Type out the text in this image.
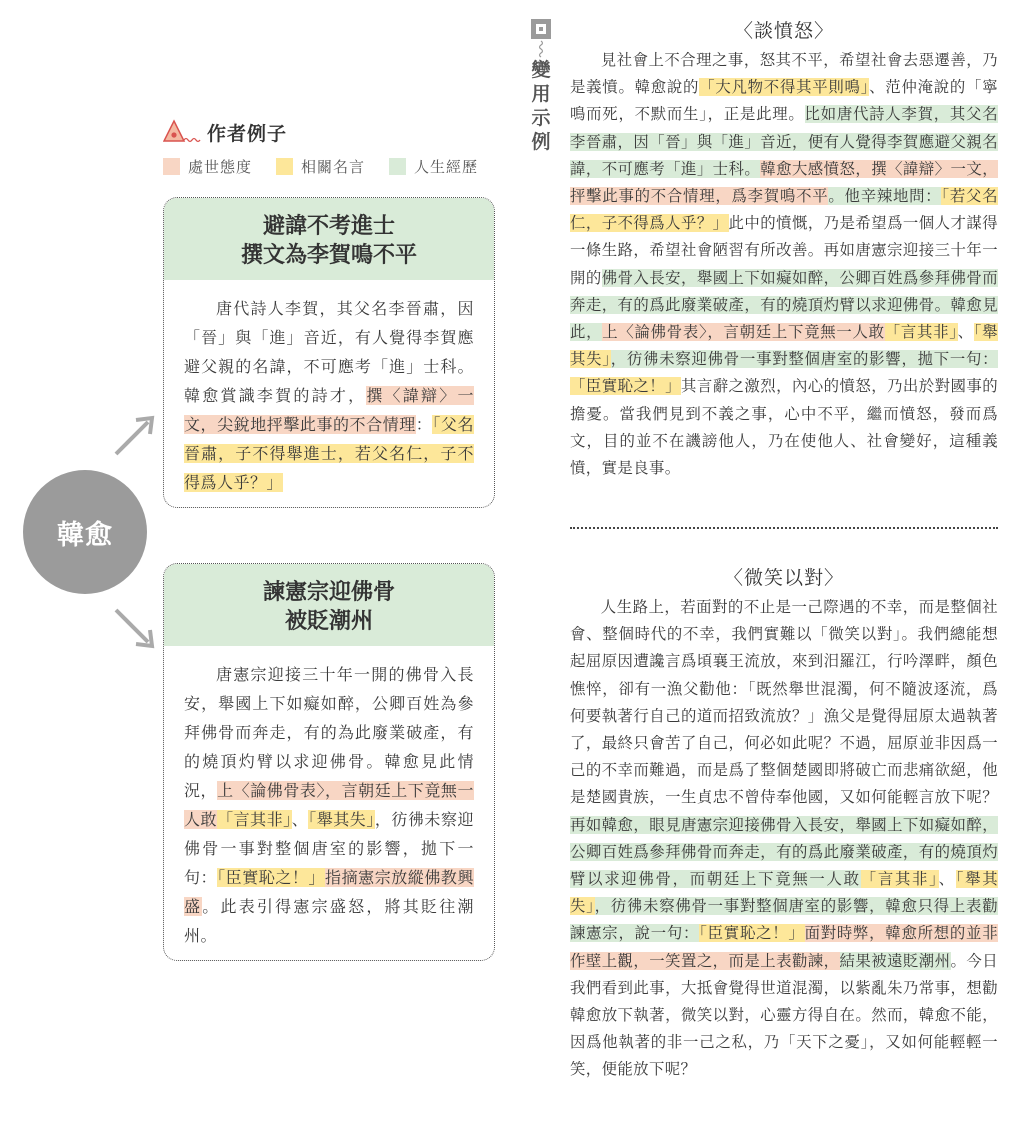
作者例子
處世態度	相關名言	人生經歷
避諱不考進士
撰文為李賀鳴不平
唐代詩人李賀，其父名李晉肅，因「晉」與「進」音近，有人覺得李賀應避父親的名諱，不可應考「進」士科。韓愈賞識李賀的詩才，撰〈諱辯〉一文，尖銳地抨擊此事的不合情理：「父名晉肅，子不得舉進士，若父名仁，子不得爲人乎？」
韓愈
諫憲宗迎佛骨
被貶潮州
唐憲宗迎接三十年一開的佛骨入長安，舉國上下如癡如醉，公卿百姓為參拜佛骨而奔走，有的為此廢業破產，有的燒頂灼臂以求迎佛骨。韓愈見此情況，上〈論佛骨表〉，言朝廷上下竟無一人敢「言其非」、「舉其失」，彷彿未察迎佛骨一事對整個唐室的影響，拋下一句：「臣實恥之！」指摘憲宗放縱佛教興盛。此表引得憲宗盛怒，將其貶往潮州。
變
用
示
例
〈談憤怒〉
見社會上不合理之事，怒其不平，希望社會去惡遷善，乃是義憤。韓愈說的「大凡物不得其平則鳴」、范仲淹說的「寧鳴而死，不默而生」，正是此理。比如唐代詩人李賀，其父名李晉肅，因「晉」與「進」音近，便有人覺得李賀應避父親名諱，不可應考「進」士科。韓愈大感憤怒，撰〈諱辯〉一文，抨擊此事的不合情理，爲李賀鳴不平。他辛辣地問：「若父名仁，子不得爲人乎？」此中的憤慨，乃是希望爲一個人才謀得一條生路，希望社會陋習有所改善。再如唐憲宗迎接三十年一開的佛骨入長安，舉國上下如癡如醉，公卿百姓爲參拜佛骨而奔走，有的爲此廢業破產，有的燒頂灼臂以求迎佛骨。韓愈見此，上〈論佛骨表〉，言朝廷上下竟無一人敢「言其非」、「舉其失」，彷彿未察迎佛骨一事對整個唐室的影響，拋下一句：「臣實恥之！」其言辭之激烈，內心的憤怒，乃出於對國事的擔憂。當我們見到不義之事，心中不平，繼而憤怒，發而爲文，目的並不在譏謗他人，乃在使他人、社會變好，這種義憤，實是良事。
〈微笑以對〉
人生路上，若面對的不止是一己際遇的不幸，而是整個社會、整個時代的不幸，我們實難以「微笑以對」。我們總能想起屈原因遭讒言爲頃襄王流放，來到汨羅江，行吟澤畔，顏色憔悴，卻有一漁父勸他：「既然舉世混濁，何不隨波逐流，爲何要執著行自己的道而招致流放？」漁父是覺得屈原太過執著了，最終只會苦了自己，何必如此呢？不過，屈原並非因爲一己的不幸而難過，而是爲了整個楚國即將破亡而悲痛欲絕，他是楚國貴族，一生貞忠不曾侍奉他國，又如何能輕言放下呢？再如韓愈，眼見唐憲宗迎接佛骨入長安，舉國上下如癡如醉，公卿百姓爲參拜佛骨而奔走，有的爲此廢業破產，有的燒頂灼臂以求迎佛骨，而朝廷上下竟無一人敢「言其非」、「舉其失」，彷彿未察佛骨一事對整個唐室的影響，韓愈只得上表勸諫憲宗，說一句：「臣實恥之！」面對時弊，韓愈所想的並非作壁上觀，一笑置之，而是上表勸諫，結果被遠貶潮州。今日我們看到此事，大抵會覺得世道混濁，以紫亂朱乃常事，想勸韓愈放下執著，微笑以對，心靈方得自在。然而，韓愈不能，因爲他執著的非一己之私，乃「天下之憂」，又如何能輕輕一笑，便能放下呢？
